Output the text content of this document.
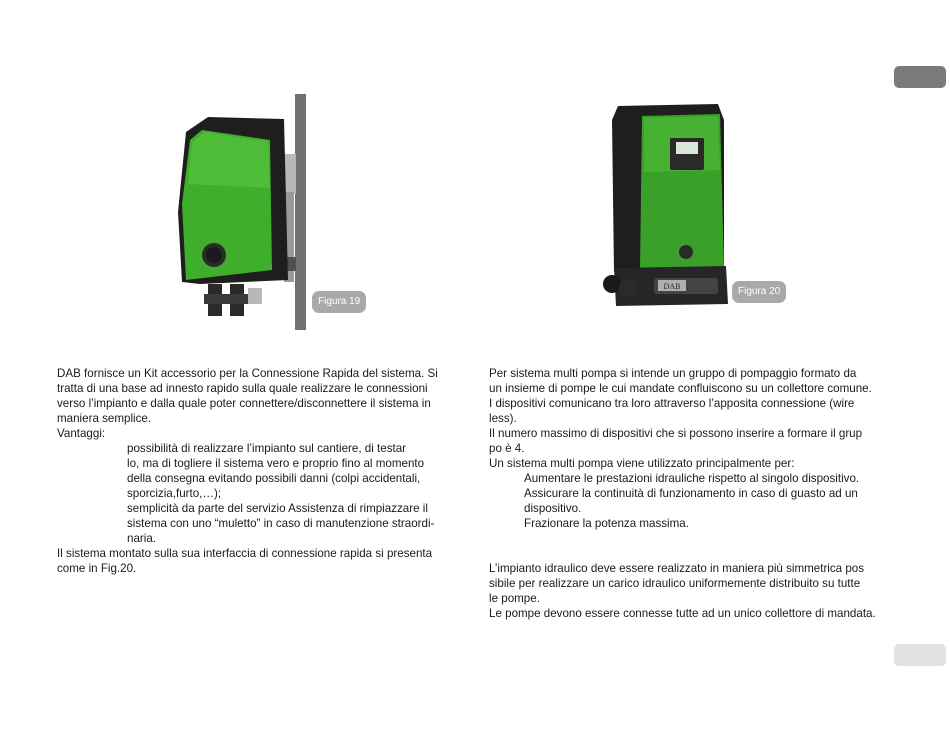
Figura 19
DAB	Figura 20

DAB fornisce un Kit accessorio per la Connessione Rapida del sistema. Si

tratta di una base ad innesto rapido sulla quale realizzare le connessioni

verso l’impianto e dalla quale poter connettere/disconnettere il sistema in

maniera semplice.

Vantaggi:

possibilità di realizzare l’impianto sul cantiere, di testar

lo, ma di togliere il sistema vero e proprio fino al momento

della consegna evitando possibili danni (colpi accidentali,

sporcizia,furto,…);

semplicità da parte del servizio Assistenza di rimpiazzare il

sistema con uno “muletto” in caso di manutenzione straordi-

naria.

Il sistema montato sulla sua interfaccia di connessione rapida si presenta

come in Fig.20.

Per sistema multi pompa si intende un gruppo di pompaggio formato da

un insieme di pompe le cui mandate confluiscono su un collettore comune.

I dispositivi comunicano tra loro attraverso l’apposita connessione (wire

less).

Il numero massimo di dispositivi che si possono inserire a formare il grup

po è 4.

Un sistema multi pompa viene utilizzato principalmente per:

Aumentare le prestazioni idrauliche rispetto al singolo dispositivo.

Assicurare la continuità di funzionamento in caso di guasto ad un

dispositivo.

Frazionare la potenza massima.

L’impianto idraulico deve essere realizzato in maniera più simmetrica pos

sibile per realizzare un carico idraulico uniformemente distribuito su tutte

le pompe.

Le pompe devono essere connesse tutte ad un unico collettore di mandata.
